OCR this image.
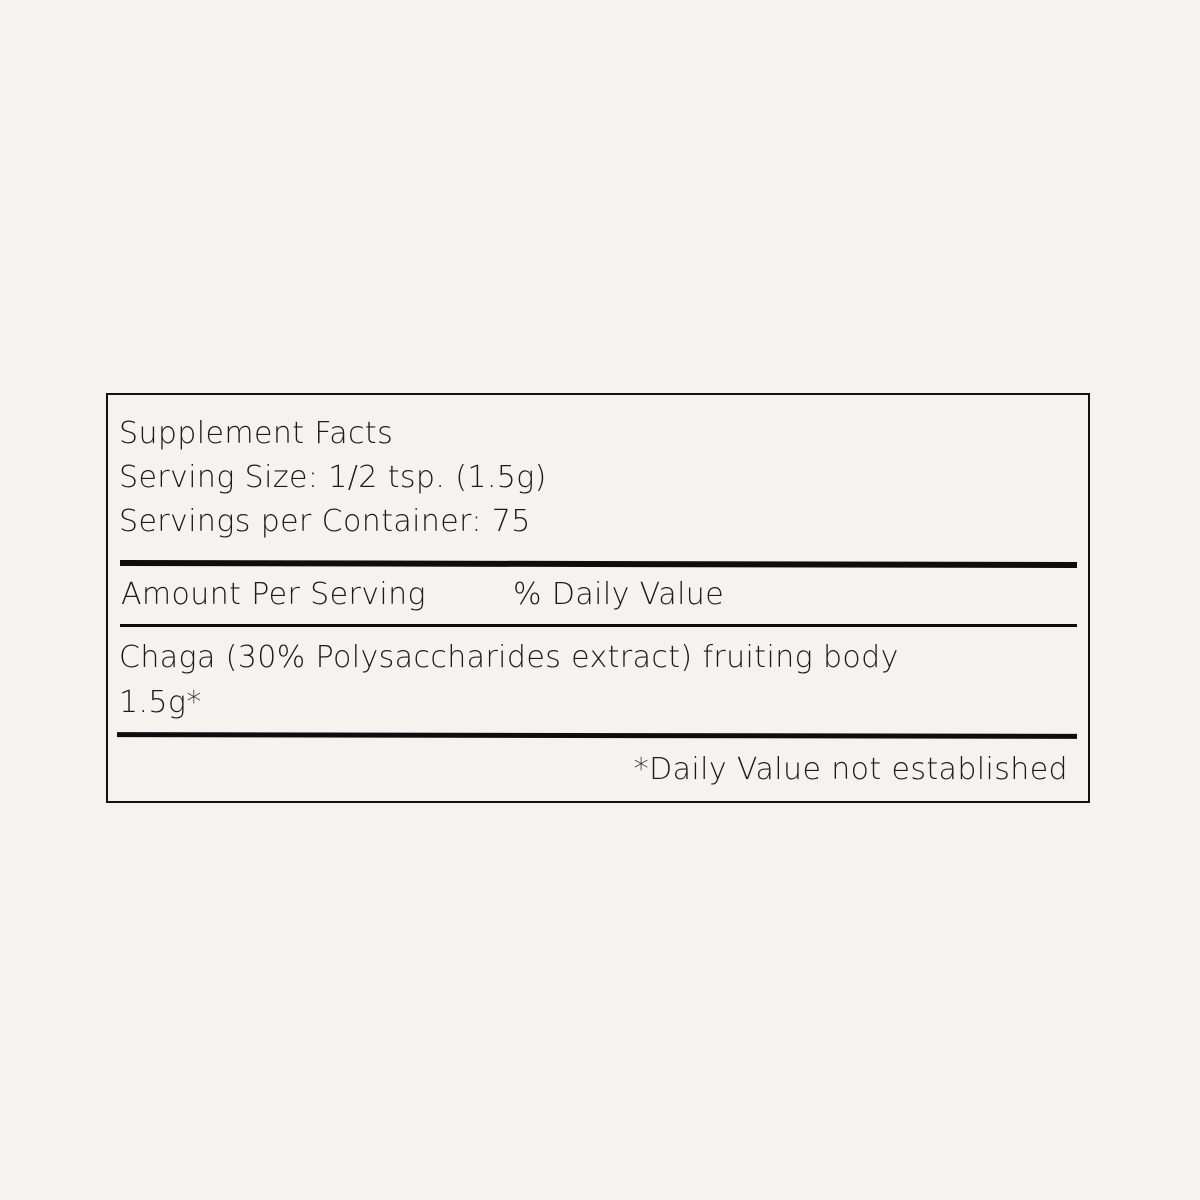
Supplement Facts
Serving Size: 1/2 tsp. (1.5g)
Servings per Container: 75
Amount Per Serving	% Daily Value
Chaga (30% Polysaccharides extract) fruiting body
1.5g*
*Daily Value not established
